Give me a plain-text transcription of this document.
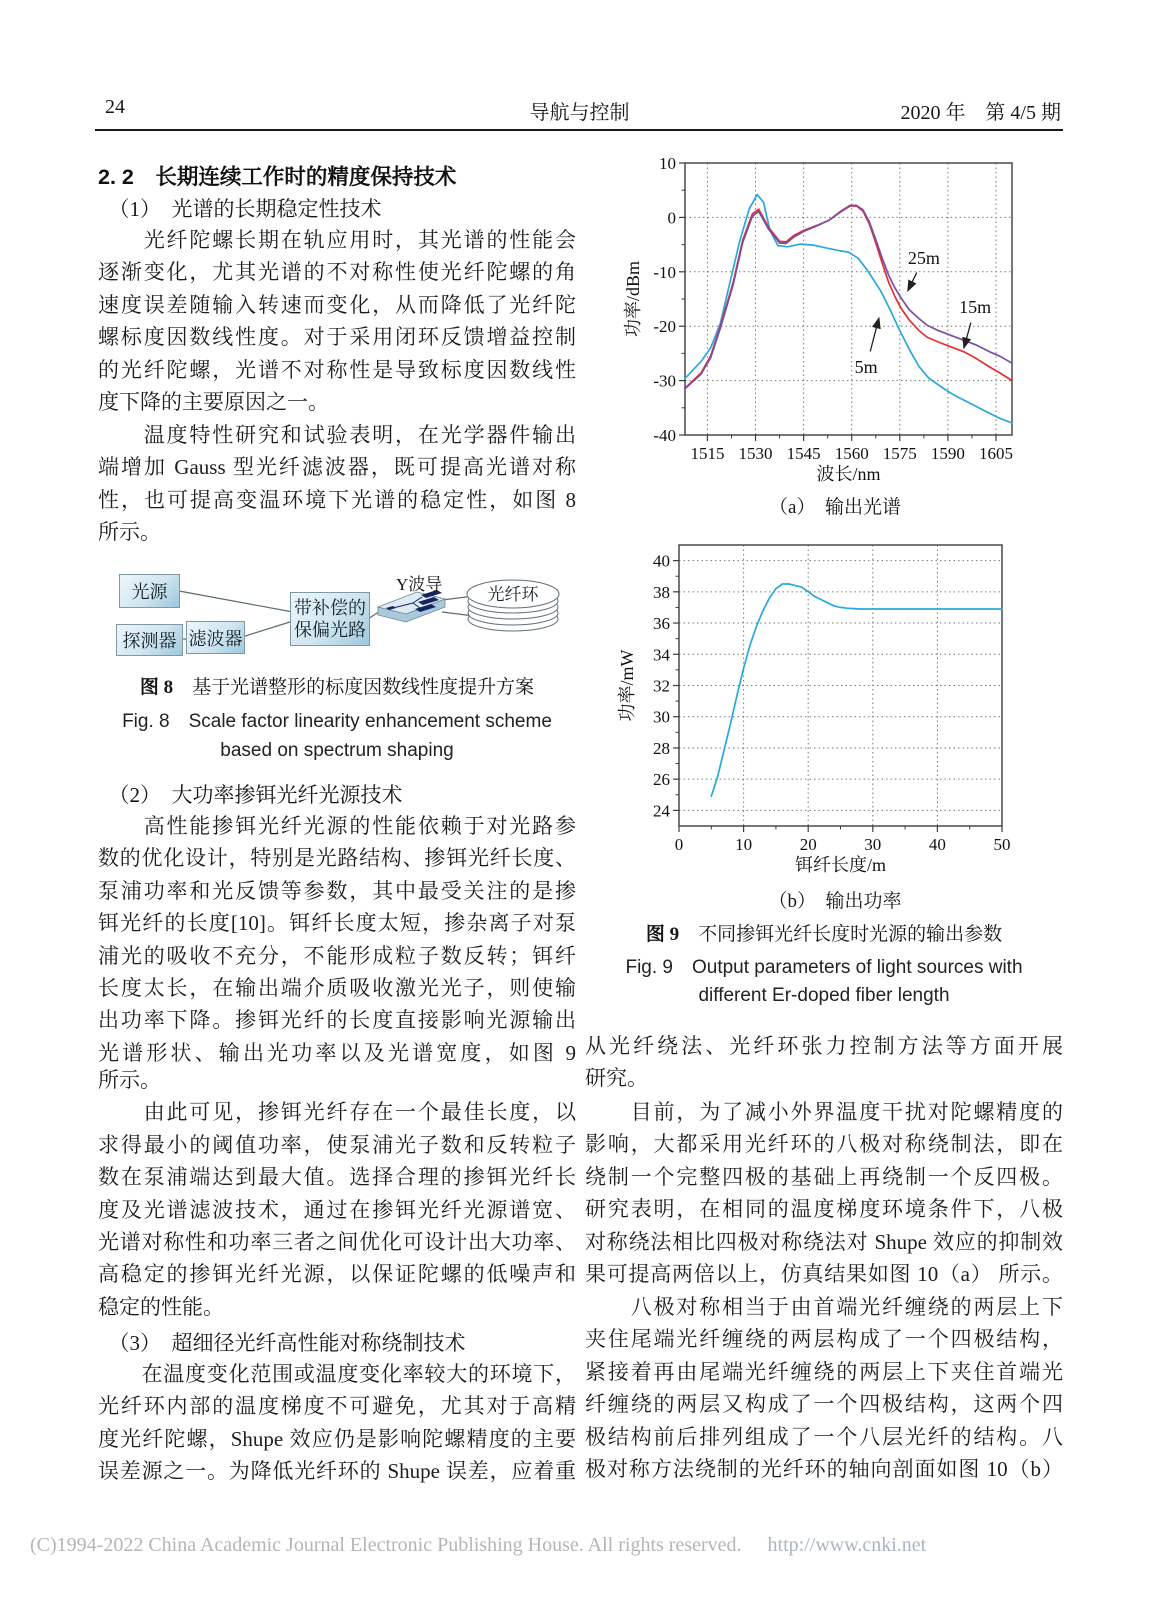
24	导航与控制	2020 年　第 4/5 期
2. 2　长期连续工作时的精度保持技术
　（1）　光谱的长期稳定性技术
　　光纤陀螺长期在轨应用时，其光谱的性能会
逐渐变化，尤其光谱的不对称性使光纤陀螺的角
速度误差随输入转速而变化，从而降低了光纤陀
螺标度因数线性度。对于采用闭环反馈增益控制
的光纤陀螺，光谱不对称性是导致标度因数线性
度下降的主要原因之一。
　　温度特性研究和试验表明，在光学器件输出
端增加 Gauss 型光纤滤波器，既可提高光谱对称
性，也可提高变温环境下光谱的稳定性，如图 8
所示。
图 8　 基于光谱整形的标度因数线性度提升方案
Fig. 8　Scale factor linearity enhancement scheme
based on spectrum shaping
　（2）　大功率掺铒光纤光源技术
　　高性能掺铒光纤光源的性能依赖于对光路参
数的优化设计，特别是光路结构、掺铒光纤长度、
泵浦功率和光反馈等参数，其中最受关注的是掺
铒光纤的长度[10]。铒纤长度太短，掺杂离子对泵
浦光的吸收不充分，不能形成粒子数反转；铒纤
长度太长，在输出端介质吸收激光光子，则使输
出功率下降。掺铒光纤的长度直接影响光源输出
光谱形状、输出光功率以及光谱宽度，如图 9
所示。
　　由此可见，掺铒光纤存在一个最佳长度，以
求得最小的阈值功率，使泵浦光子数和反转粒子
数在泵浦端达到最大值。选择合理的掺铒光纤长
度及光谱滤波技术，通过在掺铒光纤光源谱宽、
光谱对称性和功率三者之间优化可设计出大功率、
高稳定的掺铒光纤光源，以保证陀螺的低噪声和
稳定的性能。
　（3）　超细径光纤高性能对称绕制技术
　　在温度变化范围或温度变化率较大的环境下，
光纤环内部的温度梯度不可避免，尤其对于高精
度光纤陀螺，Shupe 效应仍是影响陀螺精度的主要
误差源之一。为降低光纤环的 Shupe 误差，应着重
光纤环
光源
探测器 滤波器
带补偿的
保偏光路
Y波导
1515 1530 1545 1560 1575 1590 1605
10
0
-10
-20
-30
-40
波长/nm
功率/dBm
25m
15m
5m
（a）　输出光谱
0	10	20	30	40	50
40
38
36
34
32
30
28
26
24
铒纤长度/m
功率/mW
（b）　输出功率
图 9　 不同掺铒光纤长度时光源的输出参数
Fig. 9　Output parameters of light sources with
different Er-doped fiber length
从光纤绕法、光纤环张力控制方法等方面开展
研究。
　　目前，为了减小外界温度干扰对陀螺精度的
影响，大都采用光纤环的八极对称绕制法，即在
绕制一个完整四极的基础上再绕制一个反四极。
研究表明，在相同的温度梯度环境条件下，八极
对称绕法相比四极对称绕法对 Shupe 效应的抑制效
果可提高两倍以上，仿真结果如图 10（a） 所示。
　　八极对称相当于由首端光纤缠绕的两层上下
夹住尾端光纤缠绕的两层构成了一个四极结构，
紧接着再由尾端光纤缠绕的两层上下夹住首端光
纤缠绕的两层又构成了一个四极结构，这两个四
极结构前后排列组成了一个八层光纤的结构。八
极对称方法绕制的光纤环的轴向剖面如图 10（b）
(C)1994-2022 China Academic Journal Electronic Publishing House. All rights reserved. http://www.cnki.net
